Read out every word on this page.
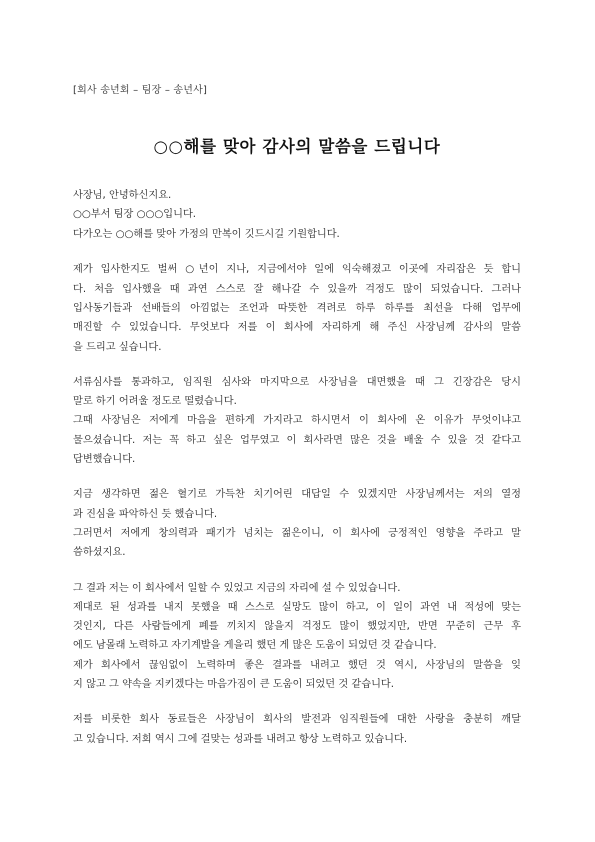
[회사 송년회 – 팀장 – 송년사]

○○해를 맞아 감사의 말씀을 드립니다
사장님, 안녕하신지요.
○○부서 팀장 ○○○입니다.
다가오는 ○○해를 맞아 가정의 만복이 깃드시길 기원합니다.
제가 입사한지도 벌써 ○년이 지나, 지금에서야 일에 익숙해졌고 이곳에 자리잡은 듯 합니
다. 처음 입사했을 때 과연 스스로 잘 해나갈 수 있을까 걱정도 많이 되었습니다. 그러나
입사동기들과 선배들의 아낌없는 조언과 따뜻한 격려로 하루 하루를 최선을 다해 업무에
매진할 수 있었습니다. 무엇보다 저를 이 회사에 자리하게 해 주신 사장님께 감사의 말씀
을 드리고 싶습니다.
서류심사를 통과하고, 임직원 심사와 마지막으로 사장님을 대면했을 때 그 긴장감은 당시
말로 하기 어려울 정도로 떨렸습니다.
그때 사장님은 저에게 마음을 편하게 가지라고 하시면서 이 회사에 온 이유가 무엇이냐고
물으셨습니다. 저는 꼭 하고 싶은 업무였고 이 회사라면 많은 것을 배울 수 있을 것 같다고
답변했습니다.
지금 생각하면 젊은 혈기로 가득찬 치기어린 대답일 수 있겠지만 사장님께서는 저의 열정
과 진심을 파악하신 듯 했습니다.
그러면서 저에게 창의력과 패기가 넘치는 젊은이니, 이 회사에 긍정적인 영향을 주라고 말
씀하셨지요.
그 결과 저는 이 회사에서 일할 수 있었고 지금의 자리에 설 수 있었습니다.
제대로 된 성과를 내지 못했을 때 스스로 실망도 많이 하고, 이 일이 과연 내 적성에 맞는
것인지, 다른 사람들에게 폐를 끼치지 않을지 걱정도 많이 했었지만, 반면 꾸준히 근무 후
에도 남몰래 노력하고 자기계발을 게을리 했던 게 많은 도움이 되었던 것 같습니다.
제가 회사에서 끊임없이 노력하며 좋은 결과를 내려고 했던 것 역시, 사장님의 말씀을 잊
지 않고 그 약속을 지키겠다는 마음가짐이 큰 도움이 되었던 것 같습니다.
저를 비롯한 회사 동료들은 사장님이 회사의 발전과 임직원들에 대한 사랑을 충분히 깨달
고 있습니다. 저희 역시 그에 걸맞는 성과를 내려고 항상 노력하고 있습니다.
